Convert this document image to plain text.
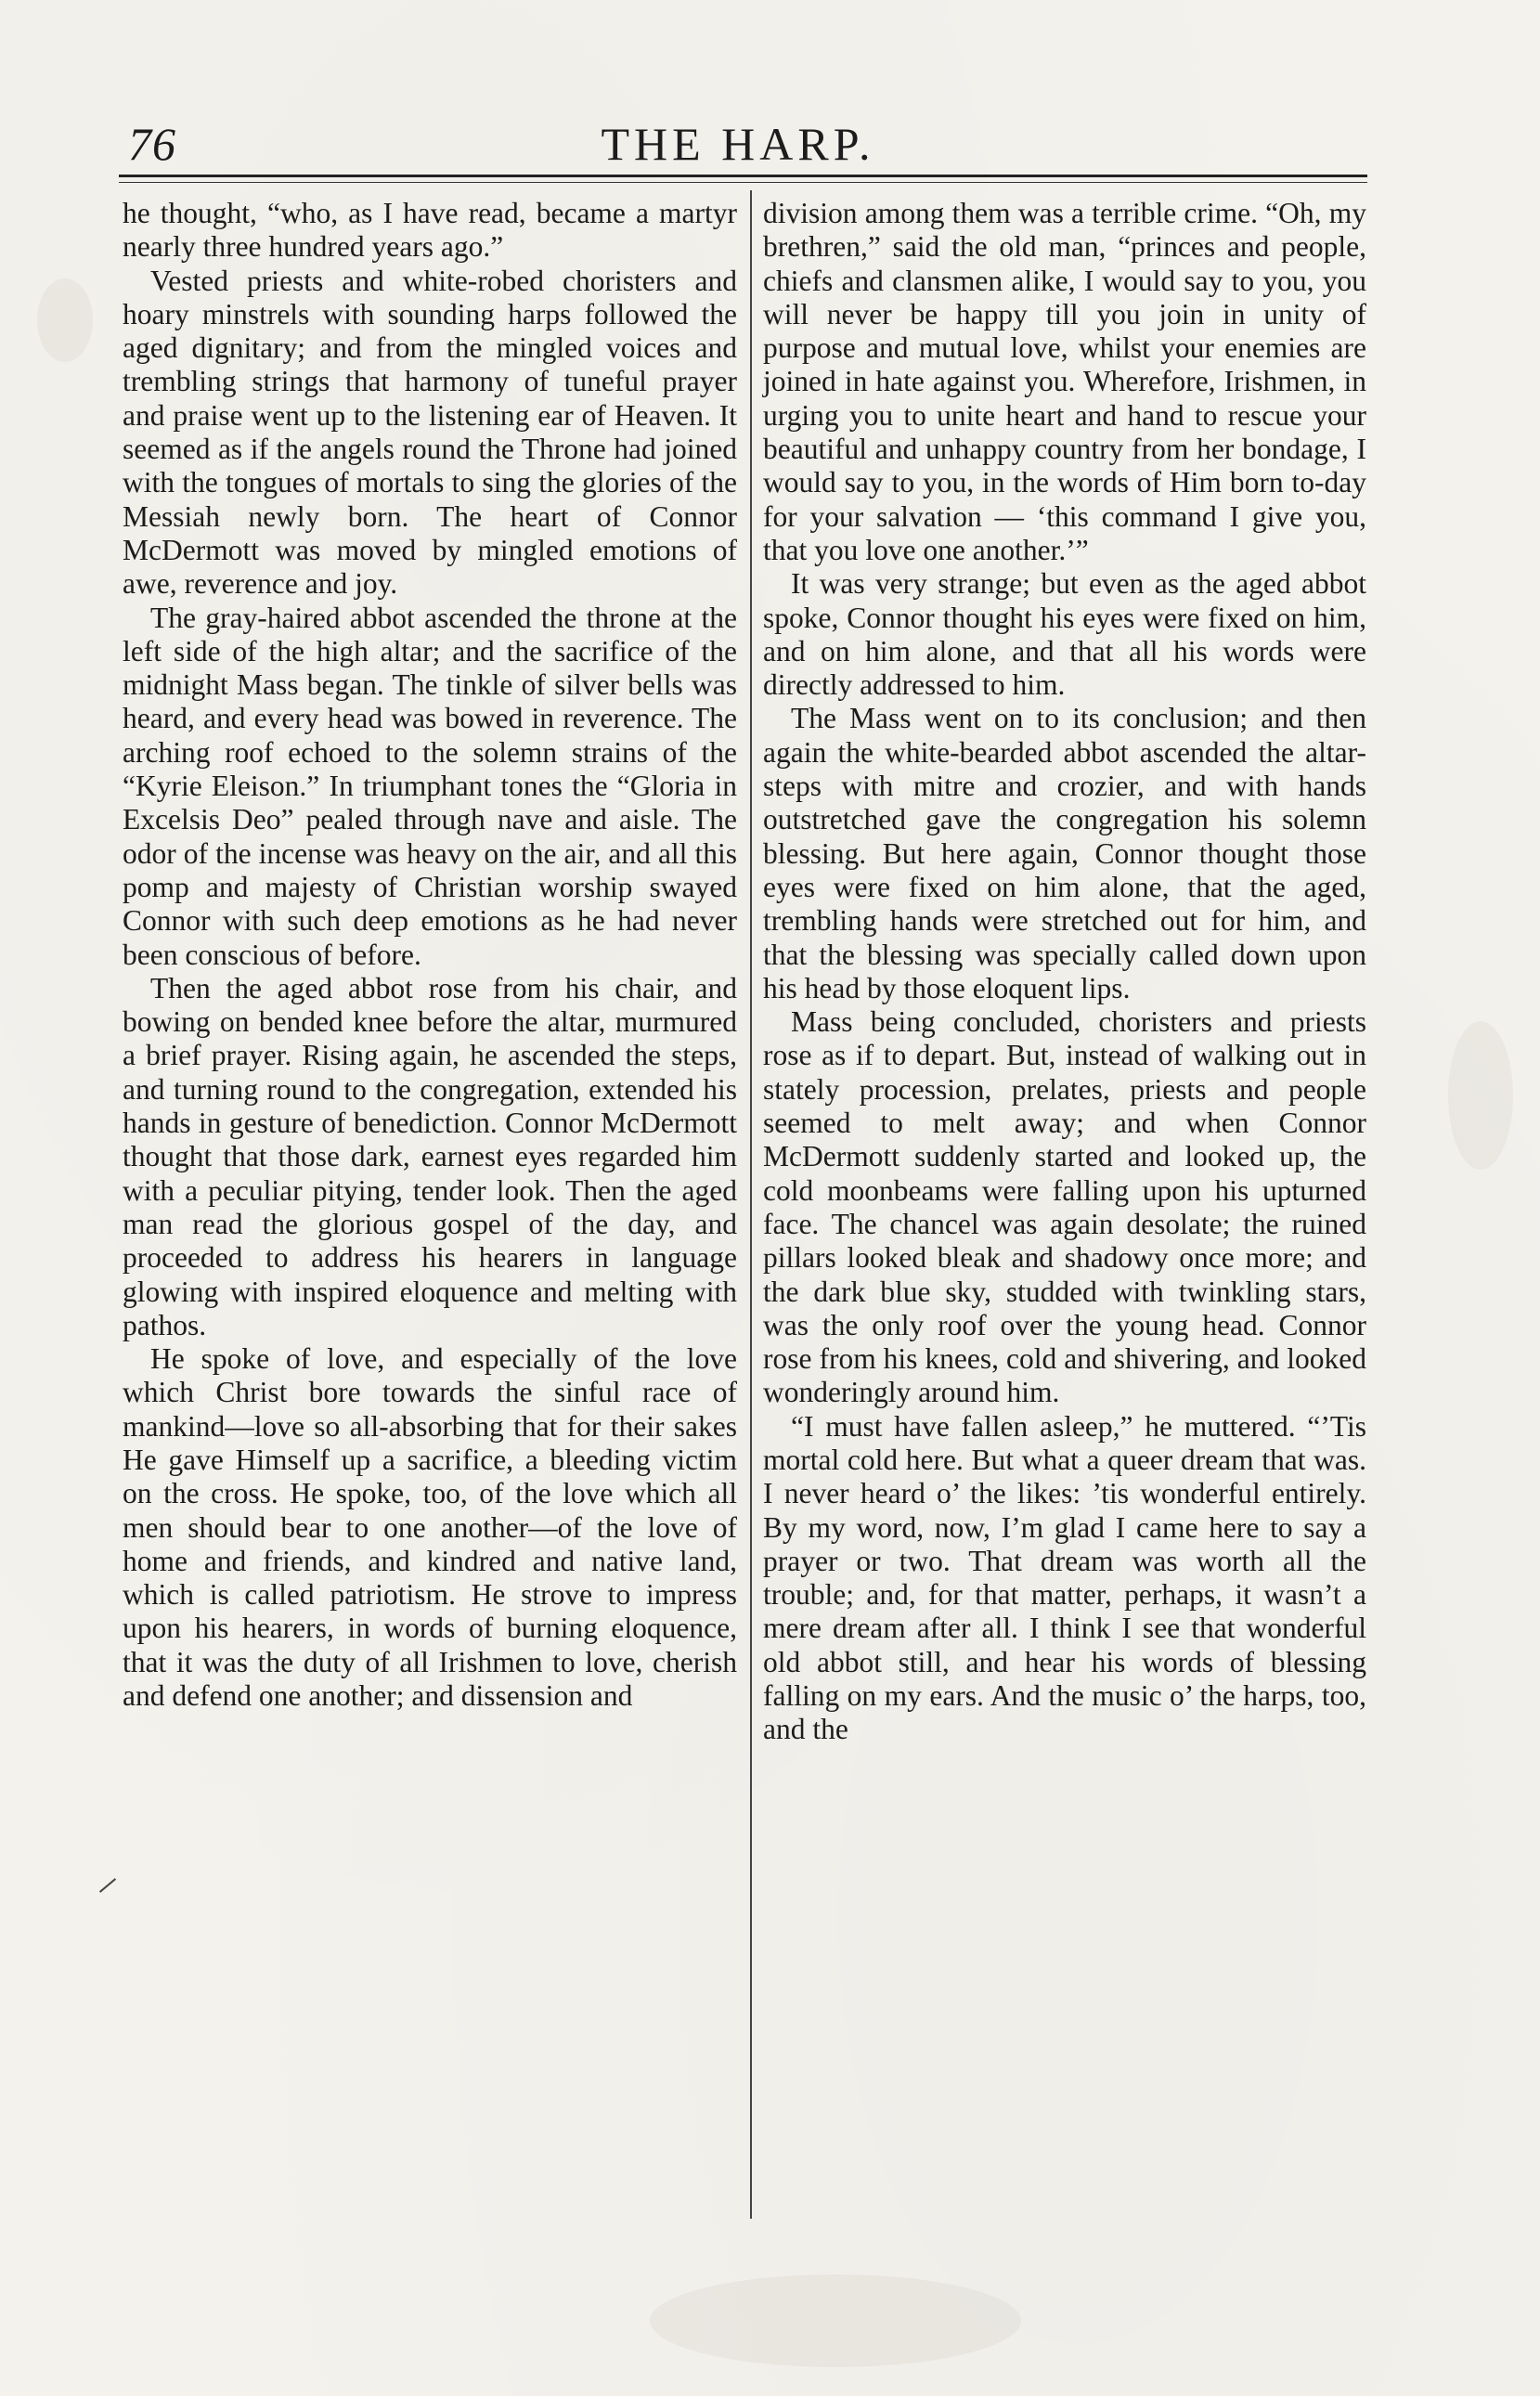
76	THE HARP.

he thought, “who, as I have read, became a martyr nearly three hundred years ago.”

Vested priests and white-robed choristers and hoary minstrels with sounding harps followed the aged dignitary; and from the mingled voices and trembling strings that harmony of tuneful prayer and praise went up to the listening ear of Heaven. It seemed as if the angels round the Throne had joined with the tongues of mortals to sing the glories of the Messiah newly born. The heart of Connor McDermott was moved by mingled emotions of awe, reverence and joy.

The gray-haired abbot ascended the throne at the left side of the high altar; and the sacrifice of the midnight Mass began. The tinkle of silver bells was heard, and every head was bowed in reverence. The arching roof echoed to the solemn strains of the “Kyrie Eleison.” In triumphant tones the “Gloria in Excelsis Deo” pealed through nave and aisle. The odor of the incense was heavy on the air, and all this pomp and majesty of Christian worship swayed Connor with such deep emotions as he had never been conscious of before.

Then the aged abbot rose from his chair, and bowing on bended knee before the altar, murmured a brief prayer. Rising again, he ascended the steps, and turning round to the congregation, extended his hands in gesture of benediction. Connor McDermott thought that those dark, earnest eyes regarded him with a peculiar pitying, tender look. Then the aged man read the glorious gospel of the day, and proceeded to address his hearers in language glowing with inspired eloquence and melting with pathos.

He spoke of love, and especially of the love which Christ bore towards the sinful race of mankind—love so all-absorbing that for their sakes He gave Himself up a sacrifice, a bleeding victim on the cross. He spoke, too, of the love which all men should bear to one another—of the love of home and friends, and kindred and native land, which is called patriotism. He strove to impress upon his hearers, in words of burning eloquence, that it was the duty of all Irishmen to love, cherish and defend one another; and dissension and

division among them was a terrible crime. “Oh, my brethren,” said the old man, “princes and people, chiefs and clansmen alike, I would say to you, you will never be happy till you join in unity of purpose and mutual love, whilst your enemies are joined in hate against you. Wherefore, Irishmen, in urging you to unite heart and hand to rescue your beautiful and unhappy country from her bondage, I would say to you, in the words of Him born to-day for your salvation — ‘this command I give you, that you love one another.’”

It was very strange; but even as the aged abbot spoke, Connor thought his eyes were fixed on him, and on him alone, and that all his words were directly addressed to him.

The Mass went on to its conclusion; and then again the white-bearded abbot ascended the altar-steps with mitre and crozier, and with hands outstretched gave the congregation his solemn blessing. But here again, Connor thought those eyes were fixed on him alone, that the aged, trembling hands were stretched out for him, and that the blessing was specially called down upon his head by those eloquent lips.

Mass being concluded, choristers and priests rose as if to depart. But, instead of walking out in stately procession, prelates, priests and people seemed to melt away; and when Connor McDermott suddenly started and looked up, the cold moonbeams were falling upon his upturned face. The chancel was again desolate; the ruined pillars looked bleak and shadowy once more; and the dark blue sky, studded with twinkling stars, was the only roof over the young head. Connor rose from his knees, cold and shivering, and looked wonderingly around him.

“I must have fallen asleep,” he muttered. “’Tis mortal cold here. But what a queer dream that was. I never heard o’ the likes: ’tis wonderful entirely. By my word, now, I’m glad I came here to say a prayer or two. That dream was worth all the trouble; and, for that matter, perhaps, it wasn’t a mere dream after all. I think I see that wonderful old abbot still, and hear his words of blessing falling on my ears. And the music o’ the harps, too, and the
